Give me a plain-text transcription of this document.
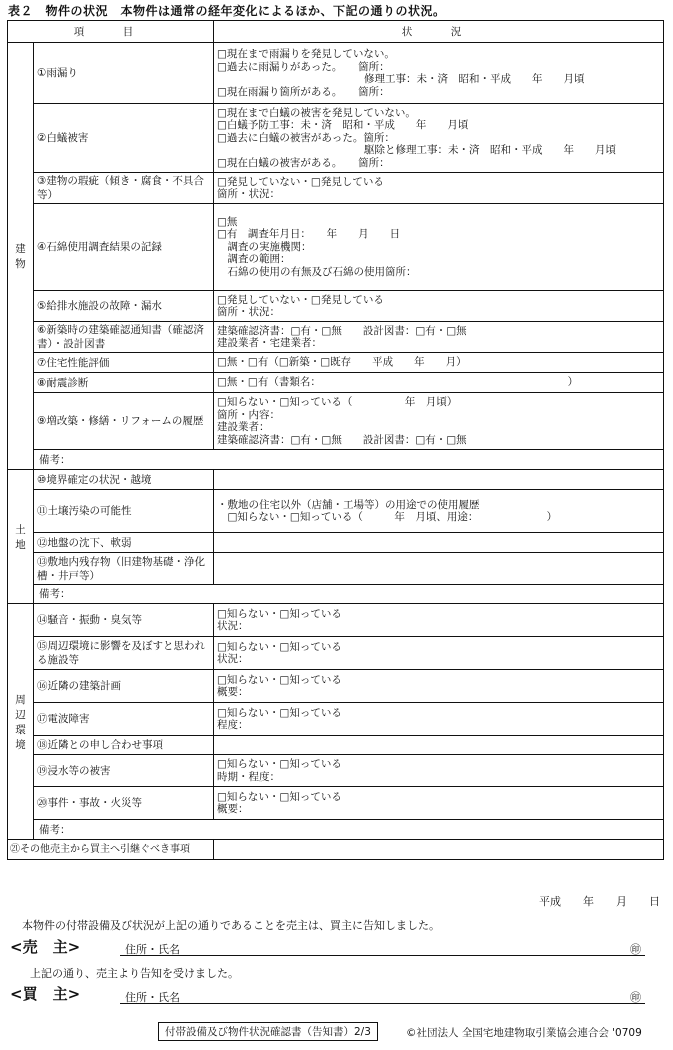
表２　物件の状況　本物件は通常の経年変化によるほか、下記の通りの状況。
項　目		状　況

建　物	①雨漏り	□現在まで雨漏りを発見していない。
□過去に雨漏りがあった。　　箇所：
　　　　　　　　　　　　　　修理工事：未・済　昭和・平成　　年　　月頃
□現在雨漏り箇所がある。　　箇所：
	②白蟻被害	□現在まで白蟻の被害を発見していない。
□白蟻予防工事：未・済　昭和・平成　　年　　月頃
□過去に白蟻の被害があった。箇所：
　　　　　　　　　　　　　　駆除と修理工事：未・済　昭和・平成　　年　　月頃
□現在白蟻の被害がある。　　箇所：
	③建物の瑕疵（傾き・腐食・不具合等）	□発見していない・□発見している
箇所・状況：
	④石綿使用調査結果の記録	□無
□有　調査年月日：　　年　　月　　日
　調査の実施機関：
　調査の範囲：
　石綿の使用の有無及び石綿の使用箇所：
	⑤給排水施設の故障・漏水	□発見していない・□発見している
箇所・状況：
	⑥新築時の建築確認通知書（確認済書）・設計図書	建築確認済書：□有・□無　　設計図書：□有・□無
建設業者・宅建業者：
	⑦住宅性能評価	□無・□有（□新築・□既存　　平成　　年　　月）
	⑧耐震診断	□無・□有（書類名：　　　　　　　　　　　　　　　　　　　　　　　　）
	⑨増改築・修繕・リフォームの履歴	□知らない・□知っている（　　　　　年　月頃）
箇所・内容：
建設業者：
建築確認済書：□有・□無　　設計図書：□有・□無
	備考：	

土　地	⑩境界確定の状況・越境	
	⑪土壌汚染の可能性	・敷地の住宅以外（店舗・工場等）の用途での使用履歴
　□知らない・□知っている（　　　年　月頃、用途：　　　　　　　）
	⑫地盤の沈下、軟弱	
	⑬敷地内残存物（旧建物基礎・浄化槽・井戸等）	
	備考：	

周　辺　環　境	⑭騒音・振動・臭気等	□知らない・□知っている
状況：
	⑮周辺環境に影響を及ぼすと思われる施設等	□知らない・□知っている
状況：
	⑯近隣の建築計画	□知らない・□知っている
概要：
	⑰電波障害	□知らない・□知っている
程度：
	⑱近隣との申し合わせ事項	
	⑲浸水等の被害	□知らない・□知っている
時期・程度：
	⑳事件・事故・火災等	□知らない・□知っている
概要：
	備考：	
㉑その他売主から買主へ引継ぐべき事項		
平成　　年　　月　　日
本物件の付帯設備及び状況が上記の通りであることを売主は、買主に告知しました。
<売　主>	住所・氏名	㊞
上記の通り、売主より告知を受けました。
<買　主>	住所・氏名	㊞
付帯設備及び物件状況確認書（告知書）2/3	©社団法人 全国宅地建物取引業協会連合会 '0709
